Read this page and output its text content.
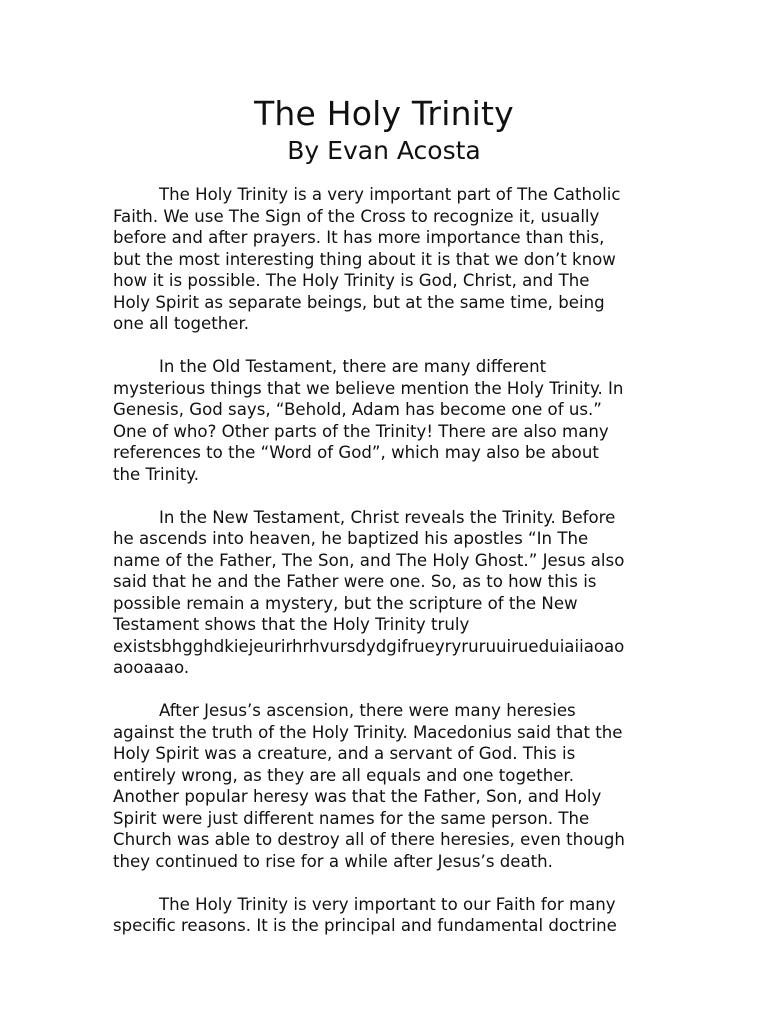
The Holy Trinity
By Evan Acosta
The Holy Trinity is a very important part of The Catholic
Faith. We use The Sign of the Cross to recognize it, usually
before and after prayers. It has more importance than this,
but the most interesting thing about it is that we don’t know
how it is possible. The Holy Trinity is God, Christ, and The
Holy Spirit as separate beings, but at the same time, being
one all together.
In the Old Testament, there are many different
mysterious things that we believe mention the Holy Trinity. In
Genesis, God says, “Behold, Adam has become one of us.”
One of who? Other parts of the Trinity! There are also many
references to the “Word of God”, which may also be about
the Trinity.
In the New Testament, Christ reveals the Trinity. Before
he ascends into heaven, he baptized his apostles “In The
name of the Father, The Son, and The Holy Ghost.” Jesus also
said that he and the Father were one. So, as to how this is
possible remain a mystery, but the scripture of the New
Testament shows that the Holy Trinity truly
existsbhgghdkiejeurirhrhvursdydgifrueyryruruuirueduiaiiaoao
aooaaao.
After Jesus’s ascension, there were many heresies
against the truth of the Holy Trinity. Macedonius said that the
Holy Spirit was a creature, and a servant of God. This is
entirely wrong, as they are all equals and one together.
Another popular heresy was that the Father, Son, and Holy
Spirit were just different names for the same person. The
Church was able to destroy all of there heresies, even though
they continued to rise for a while after Jesus’s death.
The Holy Trinity is very important to our Faith for many
specific reasons. It is the principal and fundamental doctrine
